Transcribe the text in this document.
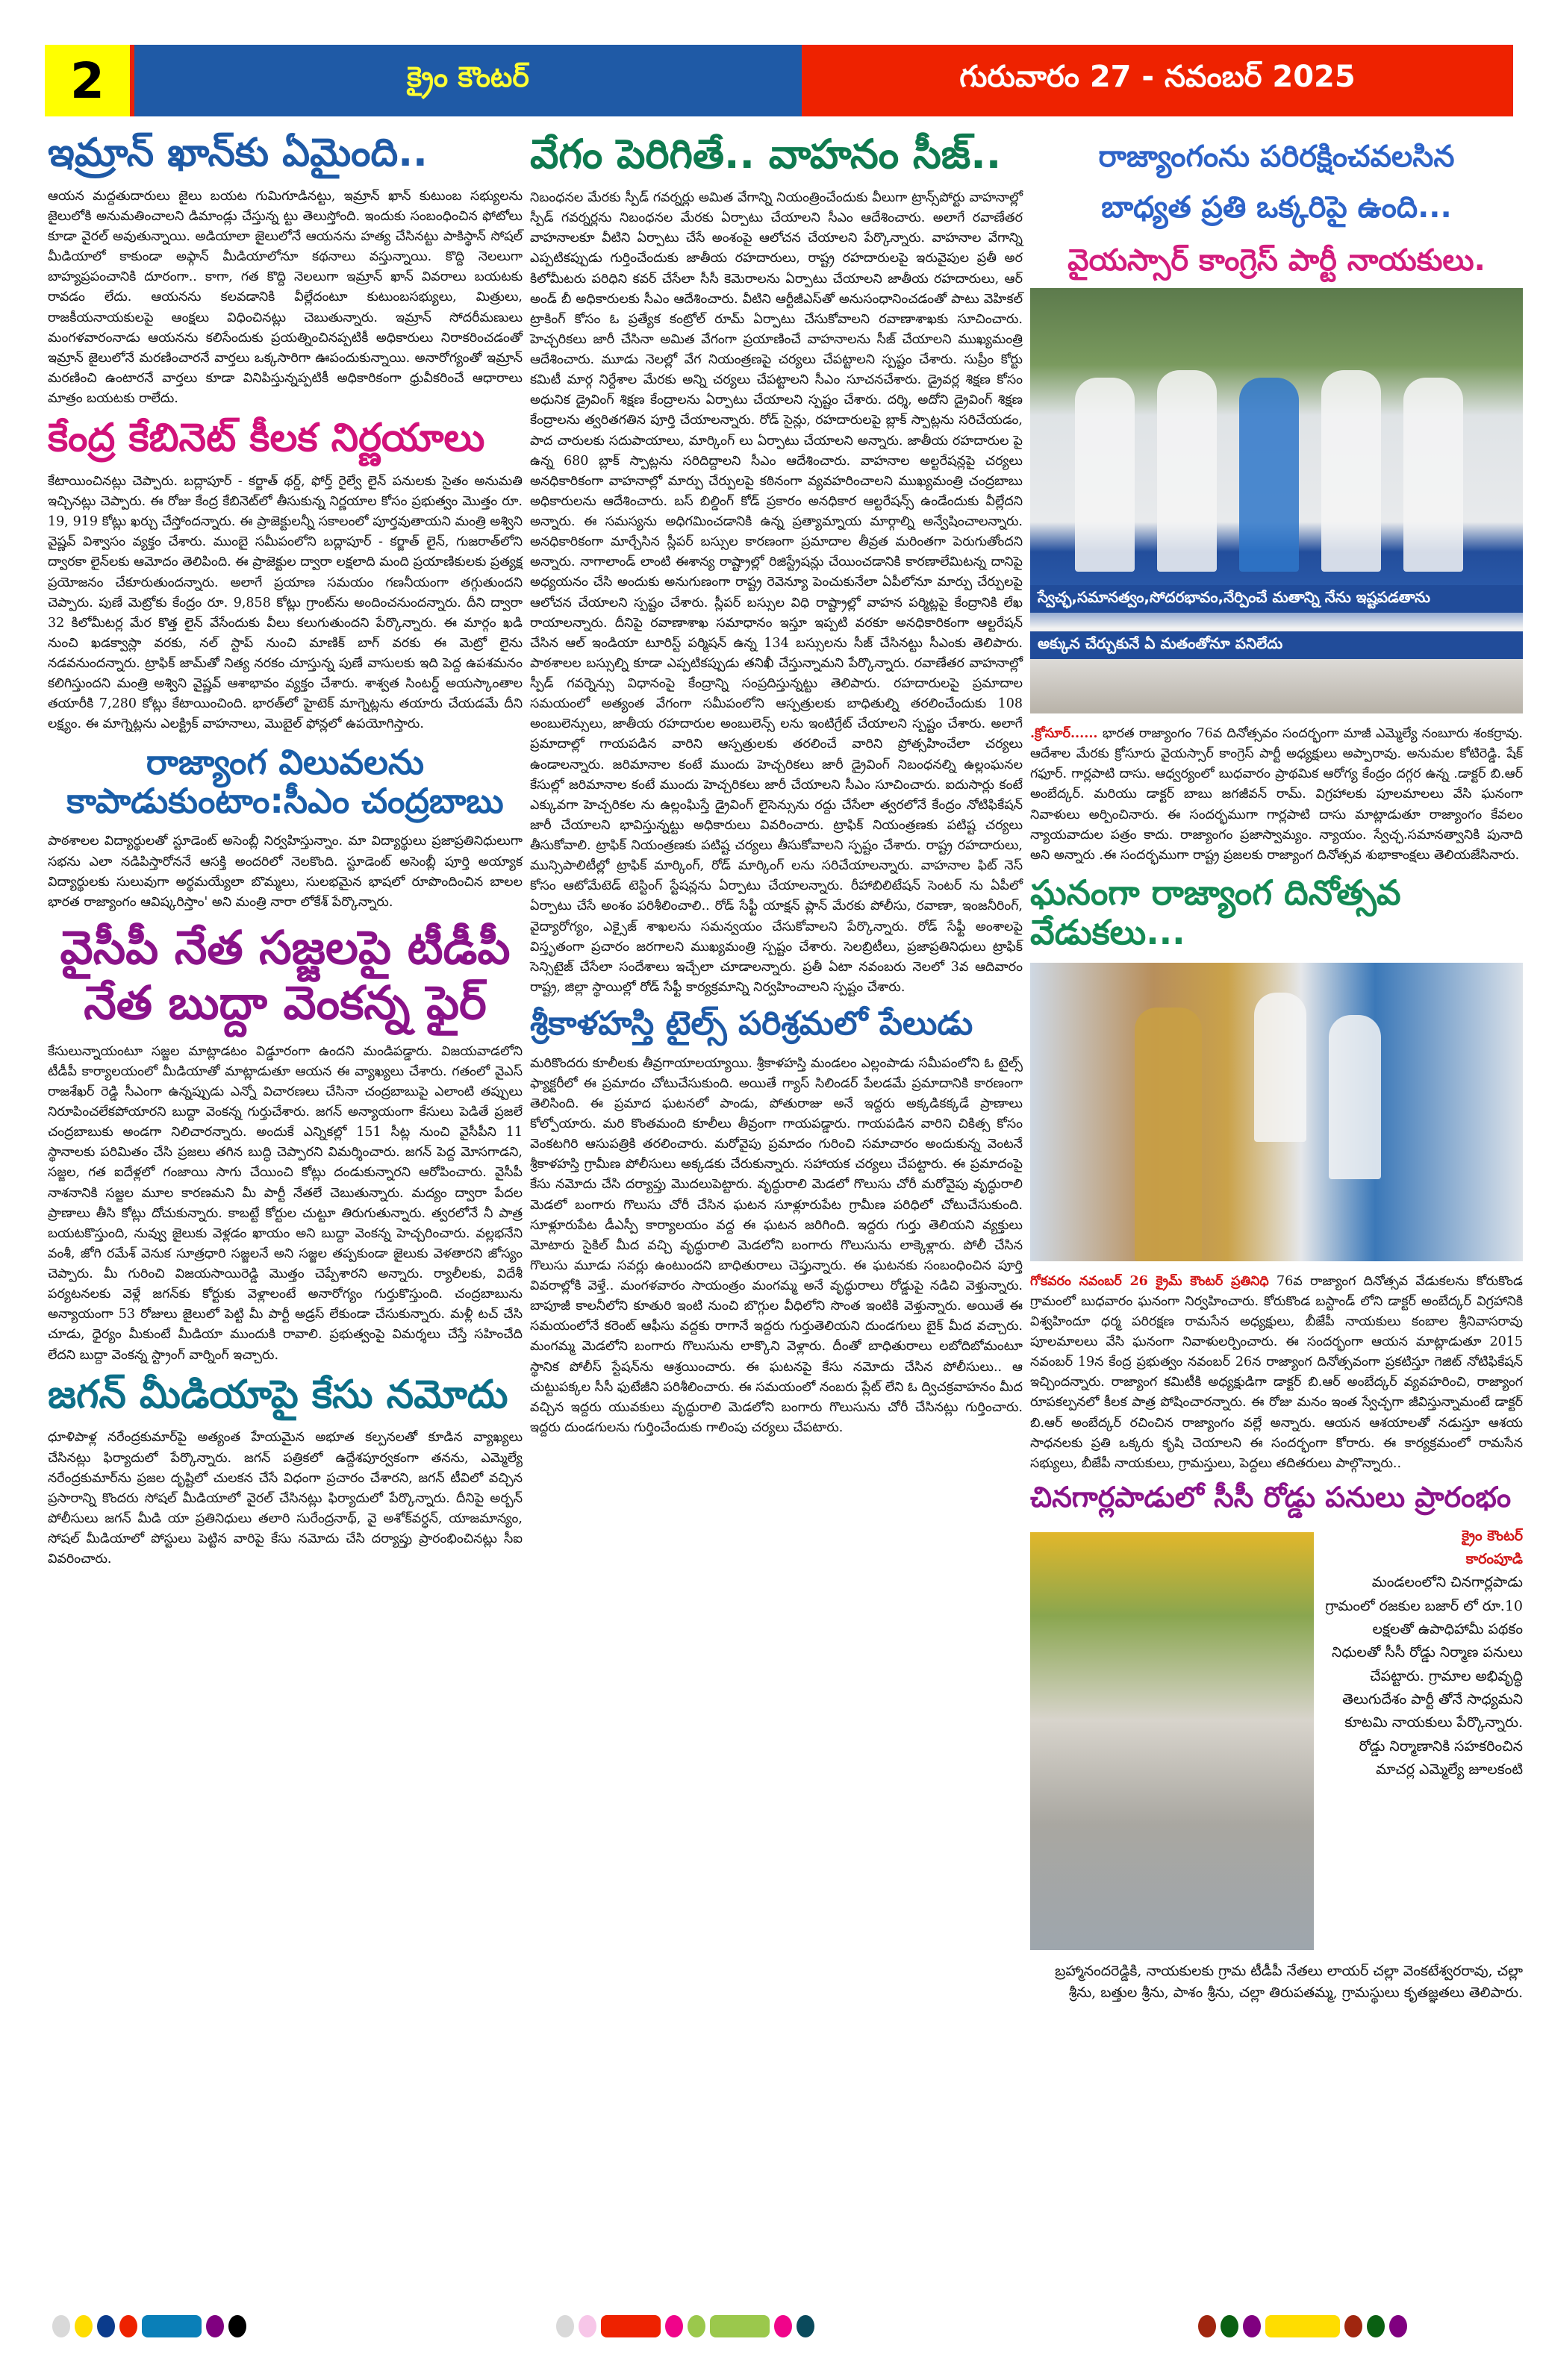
2	క్రైం కౌంటర్	గురువారం 27 - నవంబర్ 2025
ఇమ్రాన్ ఖాన్‌కు ఏమైంది..

ఆయన మద్దతుదారులు జైలు బయట గుమిగూడినట్టు, ఇమ్రాన్ ఖాన్ కుటుంబ సభ్యులను జైలులోకి అనుమతించాలని డిమాండ్లు చేస్తున్న ట్టు తెలుస్తోంది. ఇందుకు సంబంధించిన ఫోటోలు కూడా వైరల్ అవుతున్నాయి. అడియాలా జైలులోనే ఆయనను హత్య చేసినట్టు పాకిస్థాన్ సోషల్ మీడియాలో కాకుండా అఫ్గాన్ మీడియాలోనూ కథనాలు వస్తున్నాయి. కొద్ది నెలలుగా బాహ్యప్రపంచానికి దూరంగా.. కాగా, గత కొద్ది నెలలుగా ఇమ్రాన్ ఖాన్ వివరాలు బయటకు రావడం లేదు. ఆయనను కలవడానికి వీల్లేదంటూ కుటుంబసభ్యులు, మిత్రులు, రాజకీయనాయకులపై ఆంక్షలు విధించినట్లు చెబుతున్నారు. ఇమ్రాన్ సోదరీమణులు మంగళవారంనాడు ఆయనను కలిసేందుకు ప్రయత్నించినప్పటికీ అధికారులు నిరాకరించడంతో ఇమ్రాన్ జైలులోనే మరణించారనే వార్తలు ఒక్కసారిగా ఊపందుకున్నాయి. అనారోగ్యంతో ఇమ్రాన్ మరణించి ఉంటారనే వార్తలు కూడా వినిపిస్తున్నప్పటికీ అధికారికంగా ధ్రువీకరించే ఆధారాలు మాత్రం బయటకు రాలేదు.

కేంద్ర కేబినెట్ కీలక నిర్ణయాలు

కేటాయించినట్లు చెప్పారు. బద్లాపూర్ - కర్జాత్ థర్డ్, ఫోర్త్ రైల్వే లైన్ పనులకు సైతం అనుమతి ఇచ్చినట్లు చెప్పారు. ఈ రోజు కేంద్ర కేబినెట్‌లో తీసుకున్న నిర్ణయాల కోసం ప్రభుత్వం మొత్తం రూ. 19, 919 కోట్లు ఖర్చు చేస్తోందన్నారు. ఈ ప్రాజెక్టులన్నీ సకాలంలో పూర్తవుతాయని మంత్రి అశ్విని వైష్ణవ్ విశ్వాసం వ్యక్తం చేశారు. ముంబై సమీపంలోని బద్లాపూర్ - కర్జాత్ లైన్, గుజరాత్‌లోని ద్వారకా లైన్‌లకు ఆమోదం తెలిపింది. ఈ ప్రాజెక్టుల ద్వారా లక్షలాది మంది ప్రయాణికులకు ప్రత్యక్ష ప్రయోజనం చేకూరుతుందన్నారు. అలాగే ప్రయాణ సమయం గణనీయంగా తగ్గుతుందని చెప్పారు. పుణే మెట్రోకు కేంద్రం రూ. 9,858 కోట్లు గ్రాంట్‌ను అందించనుందన్నారు. దీని ద్వారా 32 కిలోమీటర్ల మేర కొత్త లైన్ వేసేందుకు వీలు కలుగుతుందని పేర్కొన్నారు. ఈ మార్గం ఖడి నుంచి ఖడక్వాస్లా వరకు, నల్ స్టాప్ నుంచి మాణిక్ బాగ్ వరకు ఈ మెట్రో లైను నడవనుందన్నారు. ట్రాఫిక్ జామ్‌తో నిత్య నరకం చూస్తున్న పుణే వాసులకు ఇది పెద్ద ఉపశమనం కలిగిస్తుందని మంత్రి అశ్విని వైష్ణవ్ ఆశాభావం వ్యక్తం చేశారు. శాశ్వత సింటర్డ్ అయస్కాంతాల తయారీకి 7,280 కోట్లు కేటాయించింది. భారత్‌లో హైటెక్ మాగ్నెట్లను తయారు చేయడమే దీని లక్ష్యం. ఈ మాగ్నెట్లను ఎలక్ట్రిక్ వాహనాలు, మొబైల్ ఫోన్లలో ఉపయోగిస్తారు.

రాజ్యాంగ విలువలను
కాపాడుకుంటాం:సీఎం చంద్రబాబు

పాఠశాలల విద్యార్థులతో స్టూడెంట్ అసెంబ్లీ నిర్వహిస్తున్నాం. మా విద్యార్థులు ప్రజాప్రతినిధులుగా సభను ఎలా నడిపిస్తారోననే ఆసక్తి అందరిలో నెలకొంది. స్టూడెంట్ అసెంబ్లీ పూర్తి అయ్యాక విద్యార్థులకు సులువుగా అర్థమయ్యేలా బొమ్మలు, సులభమైన భాషలో రూపొందించిన బాలల భారత రాజ్యాంగం ఆవిష్కరిస్తాం' అని మంత్రి నారా లోకేశ్ పేర్కొన్నారు.

వైసీపీ నేత సజ్జలపై టీడీపీ నేత బుద్దా వెంకన్న ఫైర్

కేసులున్నాయంటూ సజ్జల మాట్లాడటం విడ్డూరంగా ఉందని మండిపడ్డారు. విజయవాడలోని టీడీపీ కార్యాలయంలో మీడియాతో మాట్లాడుతూ ఆయన ఈ వ్యాఖ్యలు చేశారు. గతంలో వైఎస్ రాజశేఖర్ రెడ్డి సీఎంగా ఉన్నప్పుడు ఎన్నో విచారణలు చేసినా చంద్రబాబుపై ఎలాంటి తప్పులు నిరూపించలేకపోయారని బుద్దా వెంకన్న గుర్తుచేశారు. జగన్ అన్యాయంగా కేసులు పెడితే ప్రజలే చంద్రబాబుకు అండగా నిలిచారన్నారు. అందుకే ఎన్నికల్లో 151 సీట్ల నుంచి వైసీపీని 11 స్థానాలకు పరిమితం చేసి ప్రజలు తగిన బుద్ధి చెప్పారని విమర్శించారు. జగన్ పెద్ద మోసగాడని, సజ్జల, గత ఐదేళ్లలో గంజాయి సాగు చేయించి కోట్లు దండుకున్నారని ఆరోపించారు. వైసీపీ నాశనానికి సజ్జల మూల కారణమని మీ పార్టీ నేతలే చెబుతున్నారు. మద్యం ద్వారా పేదల ప్రాణాలు తీసి కోట్లు దోచుకున్నారు. కాబట్టే కోర్టుల చుట్టూ తిరుగుతున్నారు. త్వరలోనే నీ పాత్ర బయటకొస్తుంది, నువ్వు జైలుకు వెళ్లడం ఖాయం అని బుద్దా వెంకన్న హెచ్చరించారు. వల్లభనేని వంశీ, జోగి రమేశ్ వెనుక సూత్రధారి సజ్జలనే అని సజ్జల తప్పకుండా జైలుకు వెళతారని జోస్యం చెప్పారు. మీ గురించి విజయసాయిరెడ్డి మొత్తం చెప్పేశారని అన్నారు. ర్యాలీలకు, విదేశీ పర్యటనలకు వెళ్లే జగన్‌కు కోర్టుకు వెళ్లాలంటే అనారోగ్యం గుర్తుకొస్తుంది. చంద్రబాబును అన్యాయంగా 53 రోజులు జైలులో పెట్టి మీ పార్టీ అడ్రస్ లేకుండా చేసుకున్నారు. మళ్లీ టచ్ చేసి చూడు, ధైర్యం మీకుంటే మీడియా ముందుకి రావాలి. ప్రభుత్వంపై విమర్శలు చేస్తే సహించేది లేదని బుద్దా వెంకన్న స్ట్రాంగ్ వార్నింగ్ ఇచ్చారు.

జగన్ మీడియాపై కేసు నమోదు

ధూళిపాళ్ల నరేంద్రకుమార్‌పై అత్యంత హేయమైన అభూత కల్పనలతో కూడిన వ్యాఖ్యలు చేసినట్లు ఫిర్యాదులో పేర్కొన్నారు. జగన్ పత్రికలో ఉద్దేశపూర్వకంగా తనను, ఎమ్మెల్యే నరేంద్రకుమార్‌ను ప్రజల దృష్టిలో చులకన చేసే విధంగా ప్రచారం చేశారని, జగన్ టీవిలో వచ్చిన ప్రసారాన్ని కొందరు సోషల్ మీడియాలో వైరల్ చేసినట్లు ఫిర్యాదులో పేర్కొన్నారు. దీనిపై అర్బన్ పోలీసులు జగన్ మీడి యా ప్రతినిధులు తలారి సురేంద్రనాథ్, వై అశోక్‌వర్ధన్, యాజమాన్యం, సోషల్ మీడియాలో పోస్టులు పెట్టిన వారిపై కేసు నమోదు చేసి దర్యాప్తు ప్రారంభించినట్లు సీఐ వివరించారు.

వేగం పెరిగితే.. వాహనం సీజ్..

నిబంధనల మేరకు స్పీడ్ గవర్నర్లు అమిత వేగాన్ని నియంత్రించేందుకు వీలుగా ట్రాన్స్‌పోర్టు వాహనాల్లో స్పీడ్ గవర్నర్లను నిబంధనల మేరకు ఏర్పాటు చేయాలని సీఎం ఆదేశించారు. అలాగే రవాణేతర వాహనాలకూ వీటిని ఏర్పాటు చేసే అంశంపై ఆలోచన చేయాలని పేర్కొన్నారు. వాహనాల వేగాన్ని ఎప్పటికప్పుడు గుర్తించేందుకు జాతీయ రహదారులు, రాష్ట్ర రహదారులపై ఇరువైపుల ప్రతీ అర కిలోమీటరు పరిధిని కవర్ చేసేలా సీసీ కెమెరాలను ఏర్పాటు చేయాలని జాతీయ రహదారులు, ఆర్ అండ్ బీ అధికారులకు సీఎం ఆదేశించారు. వీటిని ఆర్టీజీఎస్‌తో అనుసంధానించడంతో పాటు వెహికల్ ట్రాకింగ్ కోసం ఓ ప్రత్యేక కంట్రోల్ రూమ్ ఏర్పాటు చేసుకోవాలని రవాణాశాఖకు సూచించారు. హెచ్చరికలు జారీ చేసినా అమిత వేగంగా ప్రయాణించే వాహనాలను సీజ్ చేయాలని ముఖ్యమంత్రి ఆదేశించారు. మూడు నెలల్లో వేగ నియంత్రణపై చర్యలు చేపట్టాలని స్పష్టం చేశారు. సుప్రీం కోర్టు కమిటీ మార్గ నిర్దేశాల మేరకు అన్ని చర్యలు చేపట్టాలని సీఎం సూచనచేశారు. డ్రైవర్ల శిక్షణ కోసం అధునిక డ్రైవింగ్ శిక్షణ కేంద్రాలను ఏర్పాటు చేయాలని స్పష్టం చేశారు. దర్శి, అదోని డ్రైవింగ్ శిక్షణ కేంద్రాలను త్వరితగతిన పూర్తి చేయాలన్నారు. రోడ్ సైన్లు, రహదారులపై బ్లాక్ స్పాట్లను సరిచేయడం, పాద చారులకు సదుపాయాలు, మార్కింగ్ లు ఏర్పాటు చేయాలని అన్నారు. జాతీయ రహదారుల పై ఉన్న 680 బ్లాక్ స్పాట్లను సరిదిద్దాలని సీఎం ఆదేశించారు. వాహనాల అల్టరేషన్లపై చర్యలు అనధికారికంగా వాహనాల్లో మార్పు చేర్పులపై కఠినంగా వ్యవహరించాలని ముఖ్యమంత్రి చంద్రబాబు అధికారులను ఆదేశించారు. బస్ బిల్డింగ్ కోడ్ ప్రకారం అనధికార ఆల్టరేషన్స్ ఉండేందుకు వీల్లేదని అన్నారు. ఈ సమస్యను అధిగమించడానికి ఉన్న ప్రత్యామ్నాయ మార్గాల్ని అన్వేషించాలన్నారు. అనధికారికంగా మార్చేసిన స్లీపర్ బస్సుల కారణంగా ప్రమాదాల తీవ్రత మరింతగా పెరుగుతోందని అన్నారు. నాగాలాండ్ లాంటి ఈశాన్య రాష్ట్రాల్లో రిజిస్ట్రేషన్లు చేయించడానికి కారణాలేమిటన్న దానిపై అధ్యయనం చేసి అందుకు అనుగుణంగా రాష్ట్ర రెవెన్యూ పెంచుకునేలా ఏపీలోనూ మార్పు చేర్పులపై ఆలోచన చేయాలని స్పష్టం చేశారు. స్లీపర్ బస్సుల విధి రాష్ట్రాల్లో వాహన పర్మిట్లపై కేంద్రానికి లేఖ రాయాలన్నారు. దీనిపై రవాణాశాఖ సమాధానం ఇస్తూ ఇప్పటి వరకూ అనధికారికంగా ఆల్టరేషన్ చేసిన ఆల్ ఇండియా టూరిస్ట్ పర్మిషన్ ఉన్న 134 బస్సులను సీజ్ చేసినట్టు సీఎంకు తెలిపారు. పాఠశాలల బస్సుల్ని కూడా ఎప్పటికప్పుడు తనిఖీ చేస్తున్నామని పేర్కొన్నారు. రవాణేతర వాహనాల్లో స్పీడ్ గవర్నెన్సు విధానంపై కేంద్రాన్ని సంప్రదిస్తున్నట్టు తెలిపారు. రహదారులపై ప్రమాదాల సమయంలో అత్యంత వేగంగా సమీపంలోని ఆస్పత్రులకు బాధితుల్ని తరలించేందుకు 108 అంబులెన్సులు, జాతీయ రహదారుల అంబులెన్స్ లను ఇంటిగ్రేట్ చేయాలని స్పష్టం చేశారు. అలాగే ప్రమాదాల్లో గాయపడిన వారిని ఆస్పత్రులకు తరలించే వారిని ప్రోత్సహించేలా చర్యలు ఉండాలన్నారు. జరిమానాల కంటే ముందు హెచ్చరికలు జారీ డ్రైవింగ్ నిబంధనల్ని ఉల్లంఘనల కేసుల్లో జరిమానాల కంటే ముందు హెచ్చరికలు జారీ చేయాలని సీఎం సూచించారు. ఐదుసార్లు కంటే ఎక్కువగా హెచ్చరికల ను ఉల్లంఘిస్తే డ్రైవింగ్ లైసెన్సును రద్దు చేసేలా త్వరలోనే కేంద్రం నోటిఫికేషన్ జారీ చేయాలని భావిస్తున్నట్టు అధికారులు వివరించారు. ట్రాఫిక్ నియంత్రణకు పటిష్ట చర్యలు తీసుకోవాలి. ట్రాఫిక్ నియంత్రణకు పటిష్ట చర్యలు తీసుకోవాలని స్పష్టం చేశారు. రాష్ట్ర రహదారులు, మున్సిపాలిటీల్లో ట్రాఫిక్ మార్కింగ్, రోడ్ మార్కింగ్ లను సరిచేయాలన్నారు. వాహనాల ఫిట్ నెస్ కోసం ఆటోమేటెడ్ టెస్టింగ్ స్టేషన్లను ఏర్పాటు చేయాలన్నారు. రీహాబిలిటేషన్ సెంటర్ ను ఏపీలో ఏర్పాటు చేసే అంశం పరిశీలించాలి.. రోడ్ సేఫ్టీ యాక్షన్ ప్లాన్ మేరకు పోలీసు, రవాణా, ఇంజనీరింగ్, వైద్యారోగ్యం, ఎక్సైజ్ శాఖలను సమన్వయం చేసుకోవాలని పేర్కొన్నారు. రోడ్ సేఫ్టీ అంశాలపై విస్తృతంగా ప్రచారం జరగాలని ముఖ్యమంత్రి స్పష్టం చేశారు. సెలబ్రిటీలు, ప్రజాప్రతినిధులు ట్రాఫిక్ సెన్సిటైజ్ చేసేలా సందేశాలు ఇచ్చేలా చూడాలన్నారు. ప్రతీ ఏటా నవంబరు నెలలో 3వ ఆదివారం రాష్ట్ర, జిల్లా స్థాయిల్లో రోడ్ సేఫ్టీ కార్యక్రమాన్ని నిర్వహించాలని స్పష్టం చేశారు.

శ్రీకాళహస్తి టైల్స్ పరిశ్రమలో పేలుడు

మరికొందరు కూలీలకు తీవ్రగాయాలయ్యాయి. శ్రీకాళహస్తి మండలం ఎల్లంపాడు సమీపంలోని ఓ టైల్స్ ఫ్యాక్టరీలో ఈ ప్రమాదం చోటుచేసుకుంది. అయితే గ్యాస్ సిలిండర్ పేలడమే ప్రమాదానికి కారణంగా తెలిసింది. ఈ ప్రమాద ఘటనలో పాండు, పోతురాజు అనే ఇద్దరు అక్కడికక్కడే ప్రాణాలు కోల్పోయారు. మరి కొంతమంది కూలీలు తీవ్రంగా గాయపడ్డారు. గాయపడిన వారిని చికిత్స కోసం వెంకటగిరి ఆసుపత్రికి తరలించారు. మరోవైపు ప్రమాదం గురించి సమాచారం అందుకున్న వెంటనే శ్రీకాళహస్తి గ్రామీణ పోలీసులు అక్కడకు చేరుకున్నారు. సహాయక చర్యలు చేపట్టారు. ఈ ప్రమాదంపై కేసు నమోదు చేసి దర్యాప్తు మొదలుపెట్టారు. వృద్ధురాలి మెడలో గొలుసు చోరీ మరోవైపు వృద్ధురాలి మెడలో బంగారు గొలుసు చోరీ చేసిన ఘటన సూళ్లూరుపేట గ్రామీణ పరిధిలో చోటుచేసుకుంది. సూళ్లూరుపేట డీఎస్పీ కార్యాలయం వద్ద ఈ ఘటన జరిగింది. ఇద్దరు గుర్తు తెలియని వ్యక్తులు మోటారు సైకిల్ మీద వచ్చి వృద్ధురాలి మెడలోని బంగారు గొలుసును లాక్కెళ్లారు. పోలీ చేసిన గొలుసు మూడు సవర్లు ఉంటుందని బాధితురాలు చెప్తున్నారు. ఈ ఘటనకు సంబంధించిన పూర్తి వివరాల్లోకి వెళ్తే.. మంగళవారం సాయంత్రం మంగమ్మ అనే వృద్ధురాలు రోడ్డుపై నడిచి వెళ్తున్నారు. బాపూజీ కాలనీలోని కూతురి ఇంటి నుంచి బొగ్గుల వీధిలోని సొంత ఇంటికి వెళ్తున్నారు. అయితే ఈ సమయంలోనే కరెంట్ ఆఫీసు వద్దకు రాగానే ఇద్దరు గుర్తుతెలియని దుండగులు బైక్ మీద వచ్చారు. మంగమ్మ మెడలోని బంగారు గొలుసును లాక్కొని వెళ్లారు. దీంతో బాధితురాలు లబోదిబోమంటూ స్థానిక పోలీస్ స్టేషన్‌ను ఆశ్రయించారు. ఈ ఘటనపై కేసు నమోదు చేసిన పోలీసులు.. ఆ చుట్టుపక్కల సీసీ ఫుటేజీని పరిశీలించారు. ఈ సమయంలో నంబరు ప్లేట్ లేని ఓ ద్విచక్రవాహనం మీద వచ్చిన ఇద్దరు యువకులు వృద్ధురాలి మెడలోని బంగారు గొలుసును చోరీ చేసినట్లు గుర్తించారు. ఇద్దరు దుండగులను గుర్తించేందుకు గాలింపు చర్యలు చేపటారు.

రాజ్యాంగంను పరిరక్షించవలసిన
బాధ్యత ప్రతి ఒక్కరిపై ఉంది...
వైయస్సార్ కాంగ్రెస్ పార్టీ నాయకులు.
స్వేచ్ఛ,సమానత్వం,సోదరభావం,నేర్పించే మతాన్ని నేను ఇష్టపడతాను
అక్కున చేర్చుకునే ఏ మతంతోనూ పనిలేదు

.క్రోసూర్...... భారత రాజ్యాంగం 76వ దినోత్సవం సందర్భంగా మాజీ ఎమ్మెల్యే నంబూరు శంకర్రావు. ఆదేశాల మేరకు క్రోసూరు వైయస్సార్ కాంగ్రెస్ పార్టీ అధ్యక్షులు అప్పారావు. అనుమల కోటిరెడ్డి. షేక్ గఫూర్. గార్లపాటి దాసు. ఆధ్వర్యంలో బుధవారం ప్రాథమిక ఆరోగ్య కేంద్రం దగ్గర ఉన్న .డాక్టర్ బి.ఆర్ అంబేద్కర్. మరియు డాక్టర్ బాబు జగజీవన్ రామ్. విగ్రహాలకు పూలమాలలు వేసి ఘనంగా నివాళులు అర్పించినారు. ఈ సందర్భముగా గార్లపాటి దాసు మాట్లాడుతూ రాజ్యాంగం కేవలం న్యాయవాదుల పత్రం కాదు. రాజ్యాంగం ప్రజాస్వామ్యం. న్యాయం. స్వేచ్ఛ.సమానత్వానికి పునాది అని అన్నారు .ఈ సందర్భముగా రాష్ట్ర ప్రజలకు రాజ్యాంగ దినోత్సవ శుభాకాంక్షలు తెలియజేసినారు.

ఘనంగా రాజ్యాంగ దినోత్సవ వేడుకలు...

గోకవరం నవంబర్ 26 క్రైమ్ కౌంటర్ ప్రతినిధి 76వ రాజ్యాంగ దినోత్సవ వేడుకలను కోరుకొండ గ్రామంలో బుధవారం ఘనంగా నిర్వహించారు. కోరుకొండ బస్టాండ్ లోని డాక్టర్ అంబేద్కర్ విగ్రహానికి విశ్వహిందూ ధర్మ పరిరక్షణ రామసేన అధ్యక్షులు, బీజేపీ నాయకులు కంబాల శ్రీనివాసరావు పూలమాలలు వేసి ఘనంగా నివాళులర్పించారు. ఈ సందర్భంగా ఆయన మాట్లాడుతూ 2015 నవంబర్ 19న కేంద్ర ప్రభుత్వం నవంబర్ 26న రాజ్యాంగ దినోత్సవంగా ప్రకటిస్తూ గెజిట్ నోటిఫికేషన్ ఇచ్చిందన్నారు. రాజ్యాంగ కమిటీకి అధ్యక్షుడిగా డాక్టర్ బి.ఆర్ అంబేద్కర్ వ్యవహరించి, రాజ్యాంగ రూపకల్పనలో కీలక పాత్ర పోషించారన్నారు. ఈ రోజు మనం ఇంత స్వేచ్ఛగా జీవిస్తున్నామంటే డాక్టర్ బి.ఆర్ అంబేద్కర్ రచించిన రాజ్యాంగం వల్లే అన్నారు. ఆయన ఆశయాలతో నడుస్తూ ఆశయ సాధనలకు ప్రతి ఒక్కరు కృషి చెయాలని ఈ సందర్భంగా కోరారు. ఈ కార్యక్రమంలో రామసేన సభ్యులు, బీజేపీ నాయకులు, గ్రామస్తులు, పెద్దలు తదితరులు పాల్గొన్నారు..

చినగార్లపాడులో సీసీ రోడ్డు పనులు ప్రారంభం
క్రైం కౌంటర్
కారంపూడి
మండలంలోని చినగార్లపాడు గ్రామంలో రజకుల బజార్ లో రూ.10 లక్షలతో ఉపాధిహామీ పథకం నిధులతో సీసీ రోడ్డు నిర్మాణ పనులు చేపట్టారు. గ్రామాల అభివృద్ధి తెలుగుదేశం పార్టీ తోనే సాధ్యమని కూటమి నాయకులు పేర్కొన్నారు. రోడ్డు నిర్మాణానికి సహకరించిన మాచర్ల ఎమ్మెల్యే జూలకంటి

బ్రహ్మానందరెడ్డికి, నాయకులకు గ్రామ టీడీపీ నేతలు లాయర్ చల్లా వెంకటేశ్వరరావు, చల్లా శ్రీను, బత్తుల శ్రీను, పాశం శ్రీను, చల్లా తిరుపతమ్మ, గ్రామస్థులు కృతజ్ఞతలు తెలిపారు.
